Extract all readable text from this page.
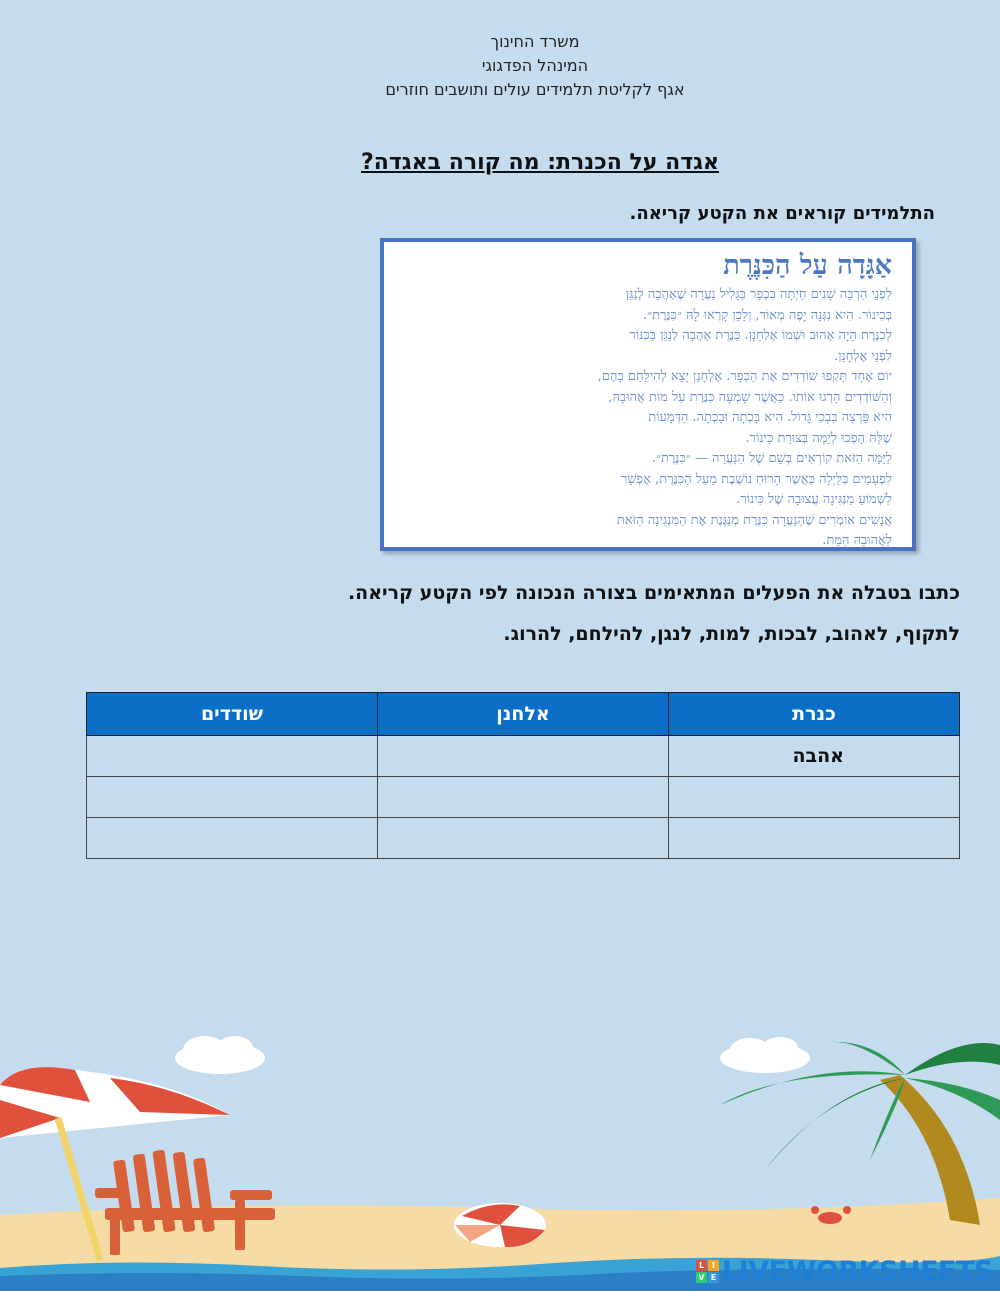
משרד החינוך
המינהל הפדגוגי
אגף לקליטת תלמידים עולים ותושבים חוזרים
אגדה על הכנרת: מה קורה באגדה?
התלמידים קוראים את הקטע קריאה.
אַגָּדָה עַל הַכִּנֶּרֶת

לִפְנֵי הַרְבֵּה שָׁנִים חַיְתָה בִּכְפָר בַּגָּלִיל נַעֲרָה שֶׁאָהֲבָה לְנַגֵּן

בְּכִינוֹר. הִיא נִגְּנָה יָפֶה מְאוֹד, וְלָכֵן קָרְאוּ לָהּ ״כִּנֶּרֶת״.

לְכִנֶּרֶת הָיָה אָהוּב וּשְׁמוֹ אֶלְחָנָן. כִּנֶּרֶת אָהֲבָה לְנַגֵּן בַּכִּנּוֹר

לִפְנֵי אֶלְחָנָן.

יוֹם אֶחָד תָּקְפוּ שׁוֹדְדִים אֶת הַכְּפָר. אֶלְחָנָן יָצָא לְהִילָּחֵם בָּהֶם,

וְהַשּׁוֹדְדִים הָרְגוּ אוֹתוֹ. כַּאֲשֶׁר שָׁמְעָה כִּנֶּרֶת עַל מוֹת אֲהוּבָהּ,

הִיא פָּרְצָה בִּבְכִי גָּדוֹל. הִיא בָּכְתָה וּבָכְתָה. הַדְּמָעוֹת

שֶׁלָּהּ הָפְכוּ לְיָמָּה בְּצוּרַת כִּינוֹר.

לַיָּמָּה הַזֹּאת קוֹרְאִים בְּשֵׁם שֶׁל הַנַּעֲרָה — ״כִּנֶּרֶת״.

לִפְעָמִים בַּלַּיְלָה כַּאֲשֶׁר הָרוּחַ נוֹשֶׁבֶת מֵעַל הַכִּנֶּרֶת, אֶפְשָׁר

לִשְׁמוֹעַ מַנְגִּינָה עֲצוּבָה שֶׁל כִּינוֹר.

אֲנָשִׁים אוֹמְרִים שֶׁהַנַּעֲרָה כִּנֶּרֶת מְנַגֶּנֶת אֶת הַמַּנְגִּינָה הַזֹּאת

לַאֲהוּבָהּ הַמֵּת.

כתבו בטבלה את הפעלים המתאימים בצורה הנכונה לפי הקטע קריאה.
לתקוף, לאהוב, לבכות, למות, לנגן, להילחם, להרוג.
כנרת	אלחנן	שודדים
אהבה		

L I
V E LIVEWORKSHEETS
